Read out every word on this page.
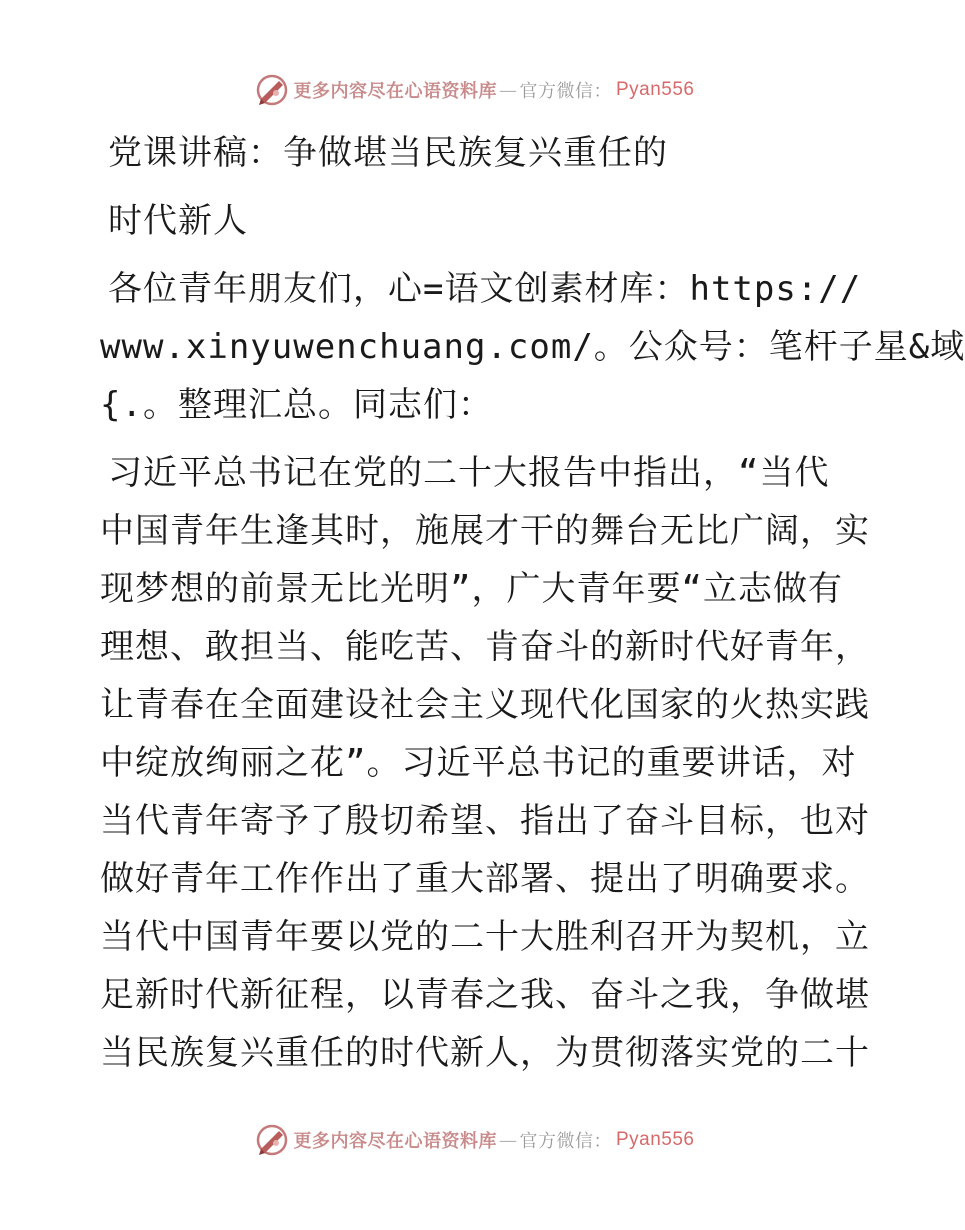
更多内容尽在心语资料库 — 官方微信： Pyan556
党课讲稿：争做堪当民族复兴重任的
时代新人
各位青年朋友们，心=语文创素材库：https://
www.xinyuwenchuang.com/。公众号：笔杆子星&域
{.。整理汇总。同志们：
习近平总书记在党的二十大报告中指出，“当代
中国青年生逢其时，施展才干的舞台无比广阔，实
现梦想的前景无比光明”，广大青年要“立志做有
理想、敢担当、能吃苦、肯奋斗的新时代好青年，
让青春在全面建设社会主义现代化国家的火热实践
中绽放绚丽之花”。习近平总书记的重要讲话，对
当代青年寄予了殷切希望、指出了奋斗目标，也对
做好青年工作作出了重大部署、提出了明确要求。
当代中国青年要以党的二十大胜利召开为契机，立
足新时代新征程，以青春之我、奋斗之我，争做堪
当民族复兴重任的时代新人，为贯彻落实党的二十
更多内容尽在心语资料库 — 官方微信： Pyan556
